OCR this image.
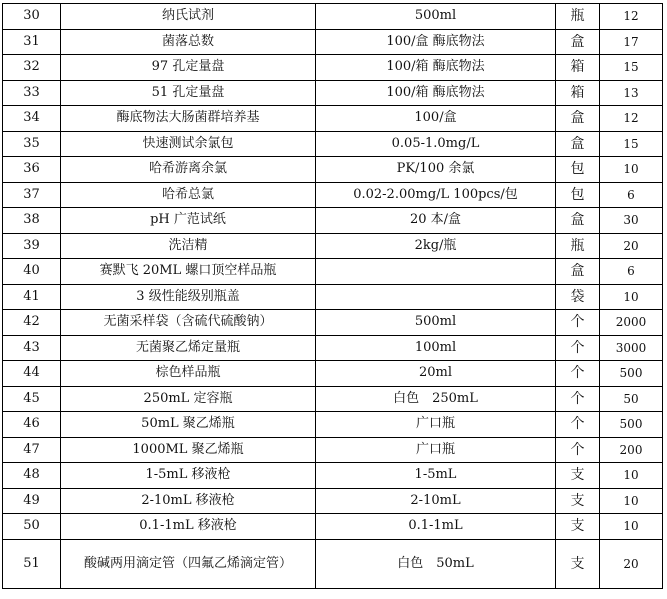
30	纳氏试剂	500ml	瓶	12
31	菌落总数	100/盒 酶底物法	盒	17
32	97 孔定量盘	100/箱 酶底物法	箱	15
33	51 孔定量盘	100/箱 酶底物法	箱	13
34	酶底物法大肠菌群培养基	100/盒	盒	12
35	快速测试余氯包	0.05-1.0mg/L	盒	15
36	哈希游离余氯	PK/100 余氯	包	10
37	哈希总氯	0.02-2.00mg/L 100pcs/包	包	6
38	pH 广范试纸	20 本/盒	盒	30
39	洗洁精	2kg/瓶	瓶	20
40	赛默飞 20ML 螺口顶空样品瓶		盒	6
41	3 级性能级别瓶盖		袋	10
42	无菌采样袋（含硫代硫酸钠）	500ml	个	2000
43	无菌聚乙烯定量瓶	100ml	个	3000
44	棕色样品瓶	20ml	个	500
45	250mL 定容瓶	白色　250mL	个	50
46	50mL 聚乙烯瓶	广口瓶	个	500
47	1000ML 聚乙烯瓶	广口瓶	个	200
48	1-5mL 移液枪	1-5mL	支	10
49	2-10mL 移液枪	2-10mL	支	10
50	0.1-1mL 移液枪	0.1-1mL	支	10
51	酸碱两用滴定管（四氟乙烯滴定管）	白色　50mL	支	20
